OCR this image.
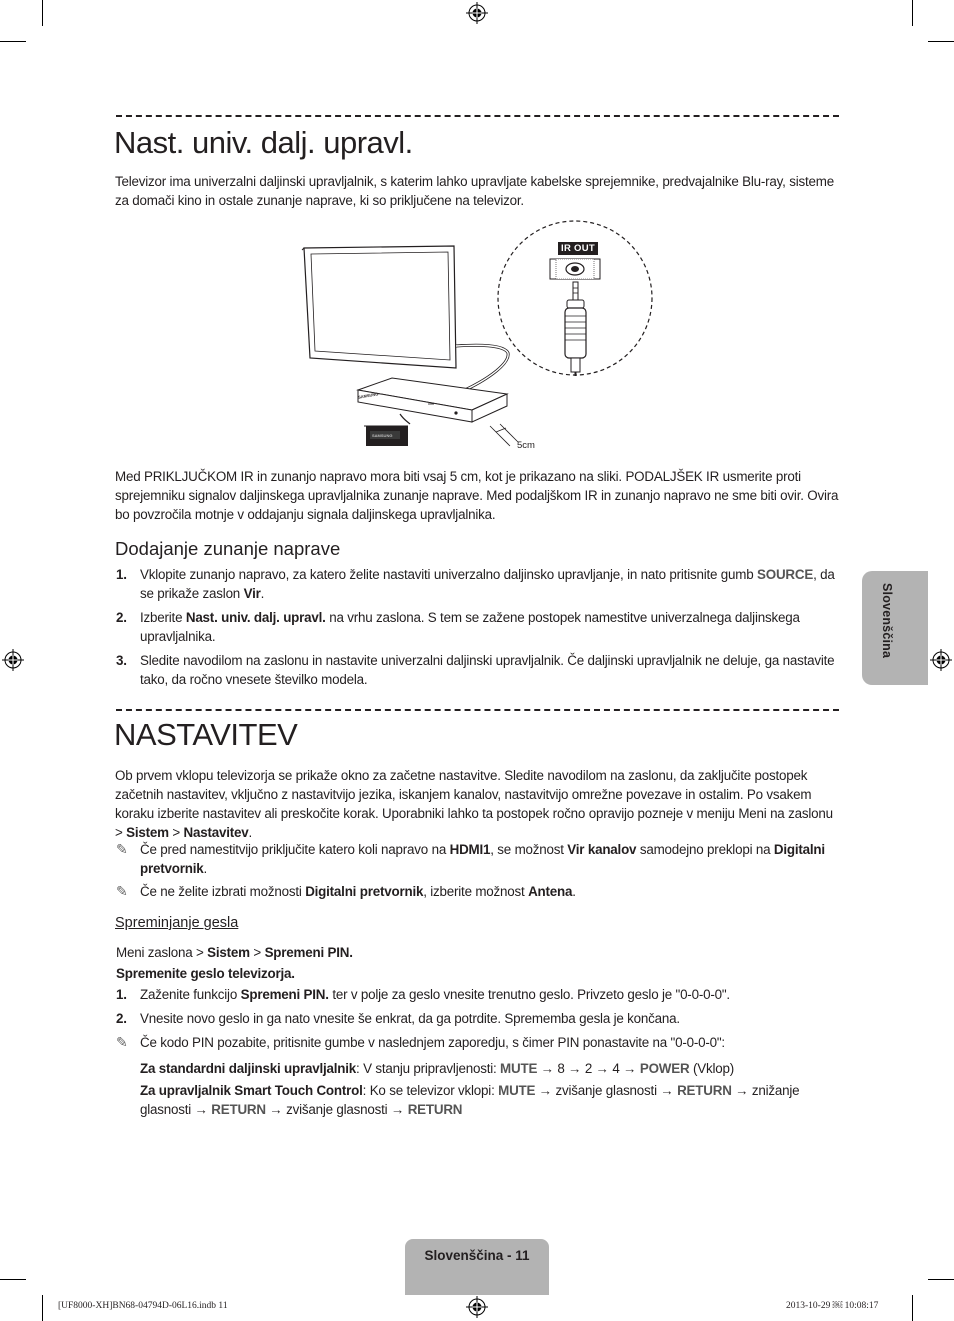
Nast. univ. dalj. upravl.
Televizor ima univerzalni daljinski upravljalnik, s katerim lahko upravljate kabelske sprejemnike, predvajalnike Blu-ray, sisteme za domači kino in ostale zunanje naprave, ki so priključene na televizor.
IR OUT
SAMSUNG
SAMSUNG
5cm
Med PRIKLJUČKOM IR in zunanjo napravo mora biti vsaj 5 cm, kot je prikazano na sliki. PODALJŠEK IR usmerite proti sprejemniku signalov daljinskega upravljalnika zunanje naprave. Med podaljškom IR in zunanjo napravo ne sme biti ovir. Ovira bo povzročila motnje v oddajanju signala daljinskega upravljalnika.
Dodajanje zunanje naprave
1. Vklopite zunanjo napravo, za katero želite nastaviti univerzalno daljinsko upravljanje, in nato pritisnite gumb SOURCE, da se prikaže zaslon Vir.
2. Izberite Nast. univ. dalj. upravl. na vrhu zaslona. S tem se zažene postopek namestitve univerzalnega daljinskega upravljalnika.
3. Sledite navodilom na zaslonu in nastavite univerzalni daljinski upravljalnik. Če daljinski upravljalnik ne deluje, ga nastavite tako, da ročno vnesete številko modela.
NASTAVITEV
Ob prvem vklopu televizorja se prikaže okno za začetne nastavitve. Sledite navodilom na zaslonu, da zaključite postopek začetnih nastavitev, vključno z nastavitvijo jezika, iskanjem kanalov, nastavitvijo omrežne povezave in ostalim. Po vsakem koraku izberite nastavitev ali preskočite korak. Uporabniki lahko ta postopek ročno opravijo pozneje v meniju Meni na zaslonu > Sistem > Nastavitev.
✎ Če pred namestitvijo priključite katero koli napravo na HDMI1, se možnost Vir kanalov samodejno preklopi na Digitalni pretvornik.
✎ Če ne želite izbrati možnosti Digitalni pretvornik, izberite možnost Antena.
Spreminjanje gesla
Meni zaslona > Sistem > Spremeni PIN.
Spremenite geslo televizorja.
1. Zaženite funkcijo Spremeni PIN. ter v polje za geslo vnesite trenutno geslo. Privzeto geslo je "0-0-0-0".
2. Vnesite novo geslo in ga nato vnesite še enkrat, da ga potrdite. Sprememba gesla je končana.
✎ Če kodo PIN pozabite, pritisnite gumbe v naslednjem zaporedju, s čimer PIN ponastavite na "0-0-0-0":
Za standardni daljinski upravljalnik: V stanju pripravljenosti: MUTE → 8 → 2 → 4 → POWER (Vklop)
Za upravljalnik Smart Touch Control: Ko se televizor vklopi: MUTE → zvišanje glasnosti → RETURN → znižanje glasnosti → RETURN → zvišanje glasnosti → RETURN
Slovenščina
Slovenščina - 11
[UF8000-XH]BN68-04794D-06L16.indb 11	2013-10-29 ￼ 10:08:17
